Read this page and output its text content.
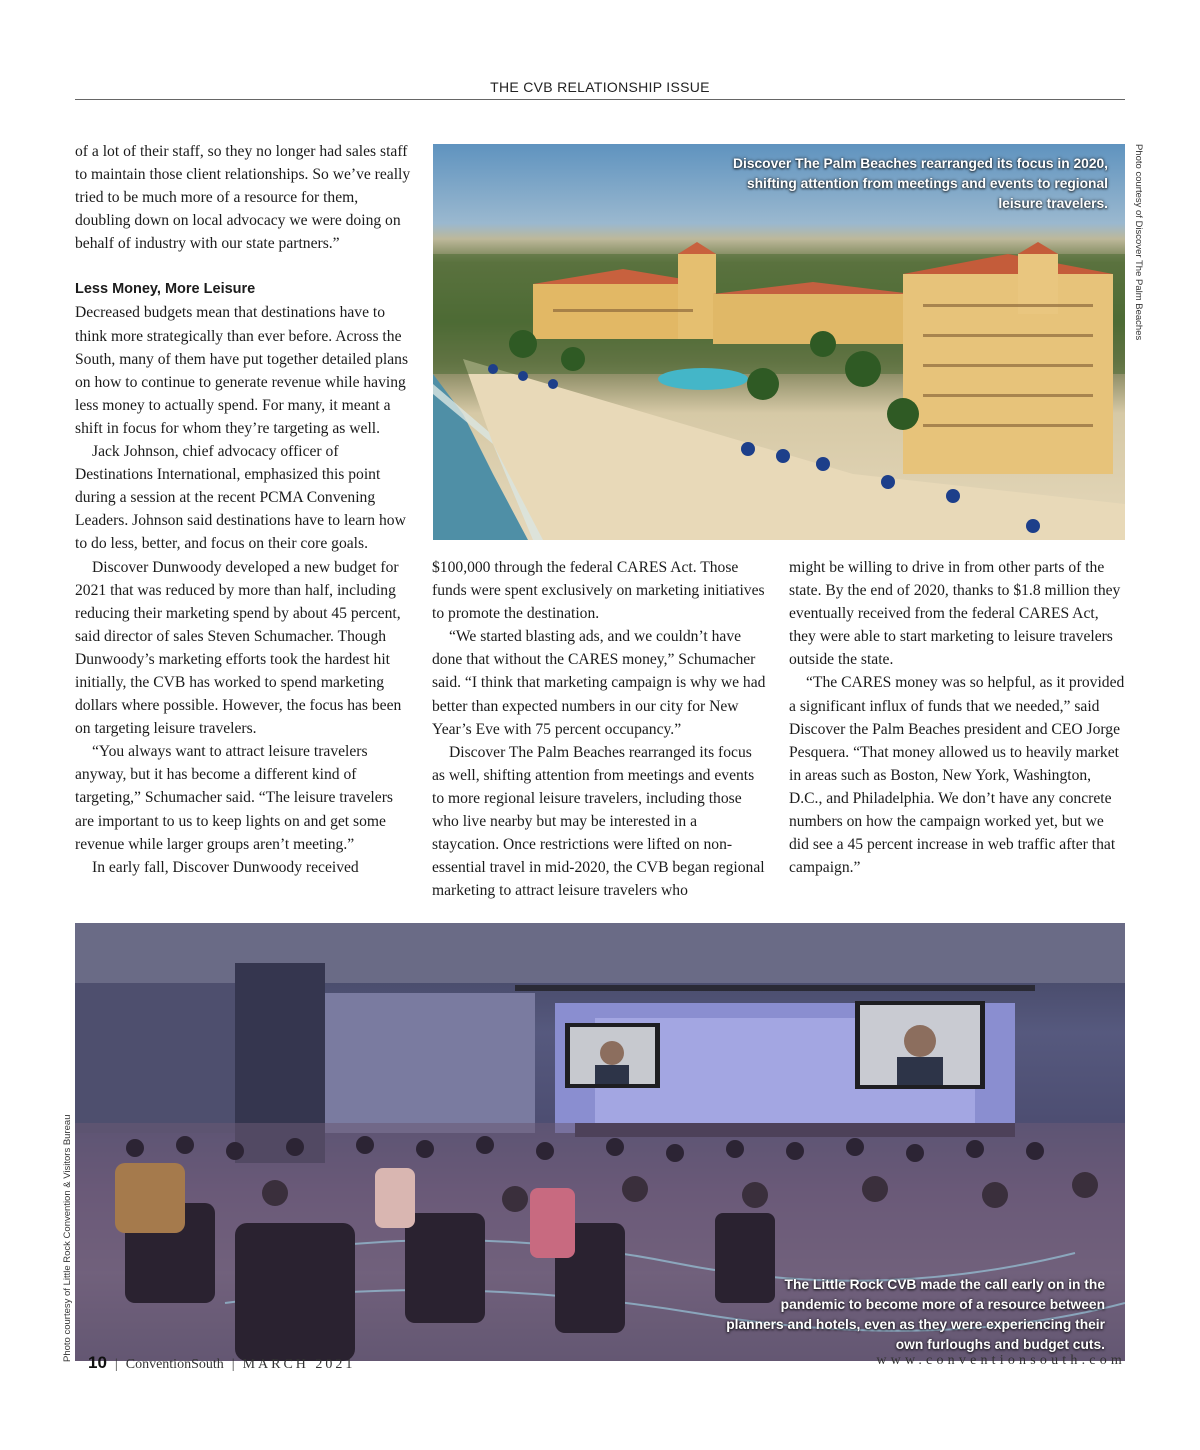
THE CVB RELATIONSHIP ISSUE

of a lot of their staff, so they no longer had sales staff to maintain those client relationships. So we’ve really tried to be much more of a resource for them, doubling down on local advocacy we were doing on behalf of industry with our state partners.”

Less Money, More Leisure

Decreased budgets mean that destinations have to think more strategically than ever before. Across the South, many of them have put together detailed plans on how to continue to generate revenue while having less money to actually spend. For many, it meant a shift in focus for whom they’re targeting as well.

Jack Johnson, chief advocacy officer of Destinations International, emphasized this point during a session at the recent PCMA Convening Leaders. Johnson said destinations have to learn how to do less, better, and focus on their core goals.

Discover Dunwoody developed a new budget for 2021 that was reduced by more than half, including reducing their marketing spend by about 45 percent, said director of sales Steven Schumacher. Though Dunwoody’s marketing efforts took the hardest hit initially, the CVB has worked to spend marketing dollars where possible. However, the focus has been on targeting leisure travelers.

“You always want to attract leisure travelers anyway, but it has become a different kind of targeting,” Schumacher said. “The leisure travelers are important to us to keep lights on and get some revenue while larger groups aren’t meeting.”

In early fall, Discover Dunwoody received

Discover The Palm Beaches rearranged its focus in 2020, shifting attention from meetings and events to regional leisure travelers.	Photo courtesy of Discover The Palm Beaches

$100,000 through the federal CARES Act. Those funds were spent exclusively on marketing initiatives to promote the destination.

“We started blasting ads, and we couldn’t have done that without the CARES money,” Schumacher said. “I think that marketing campaign is why we had better than expected numbers in our city for New Year’s Eve with 75 percent occupancy.”

Discover The Palm Beaches rearranged its focus as well, shifting attention from meetings and events to more regional leisure travelers, including those who live nearby but may be interested in a staycation. Once restrictions were lifted on non-essential travel in mid-2020, the CVB began regional marketing to attract leisure travelers who

might be willing to drive in from other parts of the state. By the end of 2020, thanks to $1.8 million they eventually received from the federal CARES Act, they were able to start marketing to leisure travelers outside the state.

“The CARES money was so helpful, as it provided a significant influx of funds that we needed,” said Discover the Palm Beaches president and CEO Jorge Pesquera. “That money allowed us to heavily market in areas such as Boston, New York, Washington, D.C., and Philadelphia. We don’t have any concrete numbers on how the campaign worked yet, but we did see a 45 percent increase in web traffic after that campaign.”

The Little Rock CVB made the call early on in the pandemic to become more of a resource between planners and hotels, even as they were experiencing their own furloughs and budget cuts.
Photo courtesy of Little Rock Convention & Visitors Bureau
10 | ConventionSouth | MARCH 2021	www.conventionsouth.com
